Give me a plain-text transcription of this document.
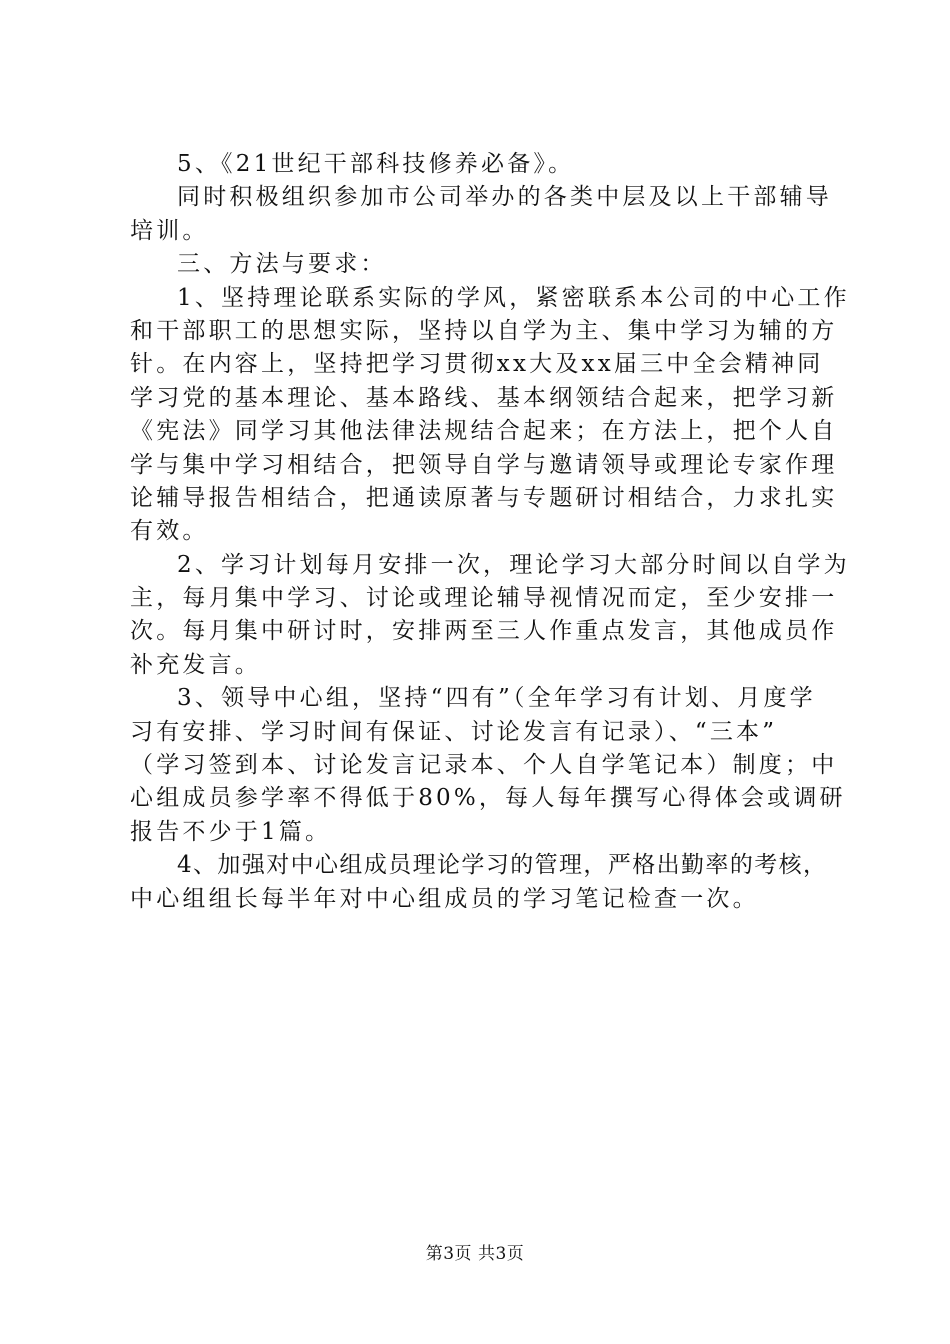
5、《21世纪干部科技修养必备》。
同时积极组织参加市公司举办的各类中层及以上干部辅导
培训。
三、方法与要求：
1、坚持理论联系实际的学风，紧密联系本公司的中心工作
和干部职工的思想实际，坚持以自学为主、集中学习为辅的方
针。在内容上，坚持把学习贯彻xx大及xx届三中全会精神同
学习党的基本理论、基本路线、基本纲领结合起来，把学习新
《宪法》同学习其他法律法规结合起来；在方法上，把个人自
学与集中学习相结合，把领导自学与邀请领导或理论专家作理
论辅导报告相结合，把通读原著与专题研讨相结合，力求扎实
有效。
2、学习计划每月安排一次，理论学习大部分时间以自学为
主，每月集中学习、讨论或理论辅导视情况而定，至少安排一
次。每月集中研讨时，安排两至三人作重点发言，其他成员作
补充发言。
3、领导中心组，坚持“四有”（全年学习有计划、月度学
习有安排、学习时间有保证、讨论发言有记录）、“三本”
（学习签到本、讨论发言记录本、个人自学笔记本）制度；中
心组成员参学率不得低于80%，每人每年撰写心得体会或调研
报告不少于1篇。
4、加强对中心组成员理论学习的管理，严格出勤率的考核，
中心组组长每半年对中心组成员的学习笔记检查一次。
第3页 共3页
